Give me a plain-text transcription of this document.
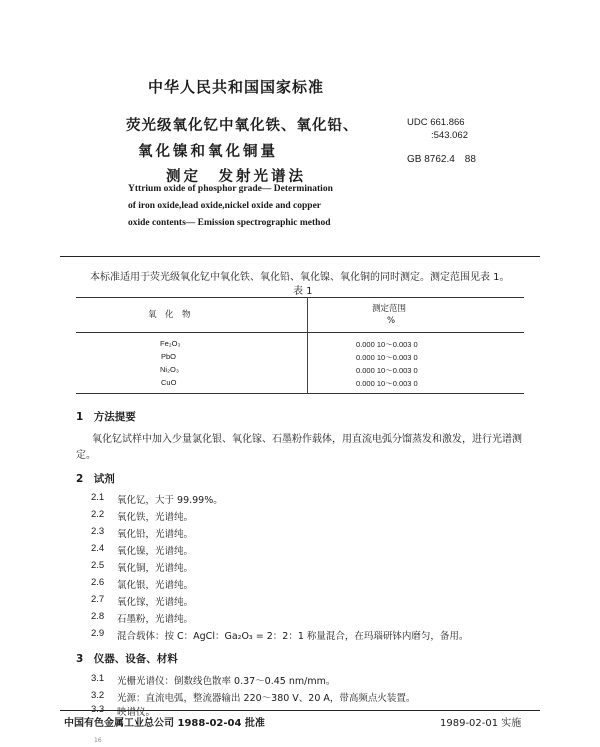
中华人民共和国国家标准
荧光级氧化钇中氧化铁、氧化铅、
氧化镍和氧化铜量
测定　发射光谱法
UDC 661.866
:543.062
GB 8762.4　88
Yttrium oxide of phosphor grade— Determination
of iron oxide,lead oxide,nickel oxide and copper
oxide contents— Emission spectrographic method
本标准适用于荧光级氧化钇中氧化铁、氧化铅、氧化镍、氧化铜的同时测定。测定范围见表 1。
表 1
氧　化　物
测定范围
%
Fe₂O₃	0.000 10～0.003 0
PbO	0.000 10～0.003 0
Ni₂O₃	0.000 10～0.003 0
CuO	0.000 10～0.003 0
1　方法提要
氧化钇试样中加入少量氯化银、氧化镓、石墨粉作载体，用直流电弧分馏蒸发和激发，进行光谱测
定。
2　试剂
2.1 氧化钇，大于 99.99%。
2.2 氧化铁，光谱纯。
2.3 氧化铅，光谱纯。
2.4 氧化镍，光谱纯。
2.5 氧化铜，光谱纯。
2.6 氯化银，光谱纯。
2.7 氧化镓，光谱纯。
2.8 石墨粉，光谱纯。
2.9 混合载体：按 C：AgCl：Ga₂O₃ = 2：2：1 称量混合，在玛瑙研钵内磨匀，备用。
3　仪器、设备、材料
3.1 光栅光谱仪：倒数线色散率 0.37～0.45 nm/mm。
3.2 光源：直流电弧，整流器输出 220～380 V、20 A，带高频点火装置。
3.3 映谱仪。
中国有色金属工业总公司 1988-02-04 批准	1989-02-01 实施
16
